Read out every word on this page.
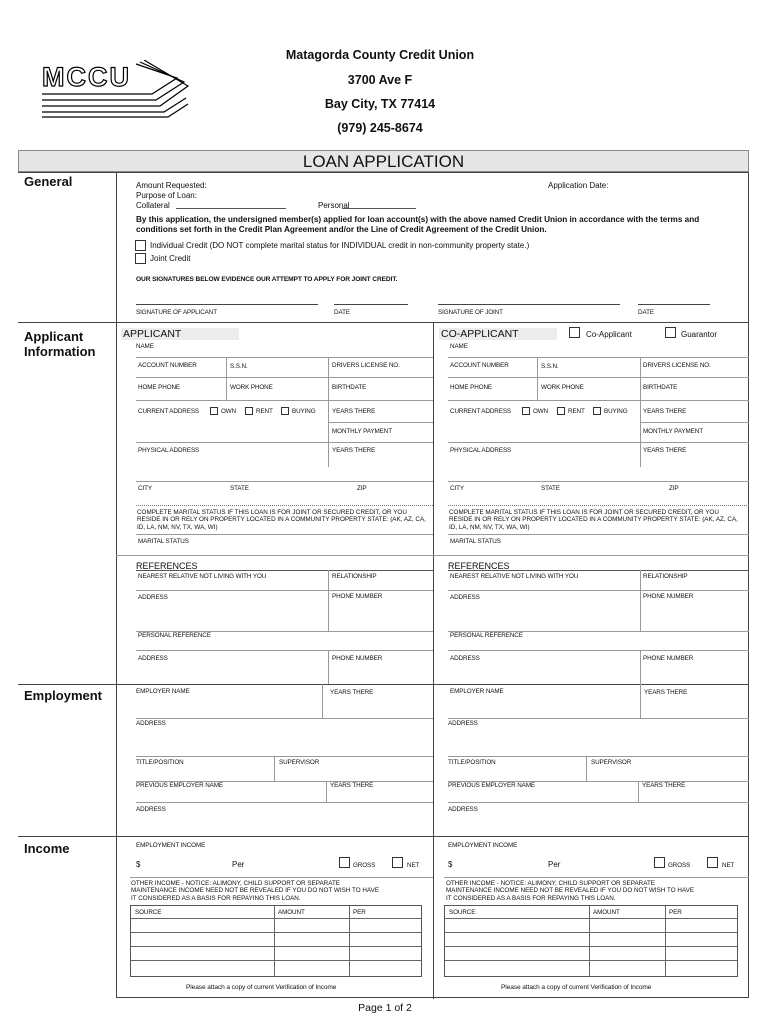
MCCU
Matagorda County Credit Union
3700 Ave F
Bay City, TX 77414
(979) 245-8674
LOAN APPLICATION
General
Applicant Information
Employment
Income
Amount Requested:
Purpose of Loan:
Collateral	Personal
Application Date:
By this application, the undersigned member(s) applied for loan account(s) with the above named Credit Union in accordance with the terms and conditions set forth in the Credit Plan Agreement and/or the Line of Credit Agreement of the Credit Union.
Individual Credit (DO NOT complete marital status for INDIVIDUAL credit in non-community property state.)
Joint Credit
OUR SIGNATURES BELOW EVIDENCE OUR ATTEMPT TO APPLY FOR JOINT CREDIT.
SIGNATURE OF APPLICANT	DATE	SIGNATURE OF JOINT	DATE
APPLICANT
NAME
ACCOUNT NUMBER	S.S.N.	DRIVERS LICENSE NO.
HOME PHONE	WORK PHONE	BIRTHDATE
CURRENT ADDRESS	OWN	RENT	BUYING	YEARS THERE
MONTHLY PAYMENT
PHYSICAL ADDRESS	YEARS THERE
CITY	STATE	ZIP
COMPLETE MARITAL STATUS IF THIS LOAN IS FOR JOINT OR SECURED CREDIT, OR YOU RESIDE IN OR RELY ON PROPERTY LOCATED IN A COMMUNITY PROPERTY STATE: (AK, AZ, CA, ID, LA, NM, NV, TX, WA, WI)
MARITAL STATUS
REFERENCES
NEAREST RELATIVE NOT LIVING WITH YOU	RELATIONSHIP
ADDRESS	PHONE NUMBER
PERSONAL REFERENCE
ADDRESS	PHONE NUMBER
CO-APPLICANT	Co-Applicant	Guarantor
NAME
ACCOUNT NUMBER	S.S.N.	DRIVERS LICENSE NO.
HOME PHONE	WORK PHONE	BIRTHDATE
CURRENT ADDRESS	OWN	RENT	BUYING YEARS THERE
MONTHLY PAYMENT
PHYSICAL ADDRESS	YEARS THERE
CITY	STATE	ZIP
COMPLETE MARITAL STATUS IF THIS LOAN IS FOR JOINT OR SECURED CREDIT, OR YOU RESIDE IN OR RELY ON PROPERTY LOCATED IN A COMMUNITY PROPERTY STATE: (AK, AZ, CA, ID, LA, NM, NV, TX, WA, WI)
MARITAL STATUS
REFERENCES
NEAREST RELATIVE NOT LIVING WITH YOU	RELATIONSHIP
ADDRESS	PHONE NUMBER
PERSONAL REFERENCE
ADDRESS	PHONE NUMBER
EMPLOYER NAME	YEARS THERE
ADDRESS
TITLE/POSITION	SUPERVISOR
PREVIOUS EMPLOYER NAME	YEARS THERE
ADDRESS
EMPLOYER NAME	YEARS THERE
ADDRESS
TITLE/POSITION	SUPERVISOR
PREVIOUS EMPLOYER NAME	YEARS THERE
ADDRESS
EMPLOYMENT INCOME
$	Per	GROSS	NET
OTHER INCOME - NOTICE: ALIMONY, CHILD SUPPORT OR SEPARATE MAINTENANCE INCOME NEED NOT BE REVEALED IF YOU DO NOT WISH TO HAVE IT CONSIDERED AS A BASIS FOR REPAYING THIS LOAN.
SOURCE	AMOUNT	PER
Please attach a copy of current Verification of Income
EMPLOYMENT INCOME
$	Per	GROSS	NET
OTHER INCOME - NOTICE: ALIMONY, CHILD SUPPORT OR SEPARATE MAINTENANCE INCOME NEED NOT BE REVEALED IF YOU DO NOT WISH TO HAVE IT CONSIDERED AS A BASIS FOR REPAYING THIS LOAN.
SOURCE	AMOUNT	PER
Please attach a copy of current Verification of Income
Page 1 of 2
